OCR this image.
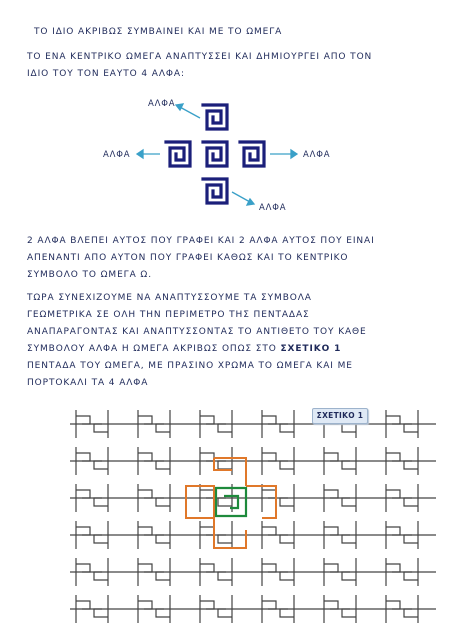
ΤΟ ΙΔΙΟ ΑΚΡΙΒΩΣ ΣΥΜΒΑΙΝΕΙ ΚΑΙ ΜΕ ΤΟ ΩΜΕΓΑ
ΤΟ ΕΝΑ ΚΕΝΤΡΙΚΟ ΩΜΕΓΑ ΑΝΑΠΤΥΣΣΕΙ ΚΑΙ ΔΗΜΙΟΥΡΓΕΙ ΑΠΟ ΤΟΝ
ΙΔΙΟ ΤΟΥ ΤΟΝ ΕΑΥΤΟ 4 ΑΛΦΑ:
ΑΛΦΑ
ΑΛΦΑ	ΑΛΦΑ
ΑΛΦΑ
2 ΑΛΦΑ ΒΛΕΠΕΙ ΑΥΤΟΣ ΠΟΥ ΓΡΑΦΕΙ ΚΑΙ 2 ΑΛΦΑ ΑΥΤΟΣ ΠΟΥ ΕΙΝΑΙ
ΑΠΕΝΑΝΤΙ ΑΠΟ ΑΥΤΟΝ ΠΟΥ ΓΡΑΦΕΙ ΚΑΘΩΣ ΚΑΙ ΤΟ ΚΕΝΤΡΙΚΟ
ΣΥΜΒΟΛΟ ΤΟ ΩΜΕΓΑ Ω.
ΤΩΡΑ ΣΥΝΕΧΙΖΟΥΜΕ ΝΑ ΑΝΑΠΤΥΣΣΟΥΜΕ ΤΑ ΣΥΜΒΟΛΑ
ΓΕΩΜΕΤΡΙΚΑ ΣΕ ΟΛΗ ΤΗΝ ΠΕΡΙΜΕΤΡΟ ΤΗΣ ΠΕΝΤΑΔΑΣ
ΑΝΑΠΑΡΑΓΟΝΤΑΣ ΚΑΙ ΑΝΑΠΤΥΣΣΟΝΤΑΣ ΤΟ ΑΝΤΙΘΕΤΟ ΤΟΥ ΚΑΘΕ
ΣΥΜΒΟΛΟΥ ΑΛΦΑ Η ΩΜΕΓΑ ΑΚΡΙΒΩΣ ΟΠΩΣ ΣΤΟ ΣΧΕΤΙΚΟ 1
ΠΕΝΤΑΔΑ ΤΟΥ ΩΜΕΓΑ, ΜΕ ΠΡΑΣΙΝΟ ΧΡΩΜΑ ΤΟ ΩΜΕΓΑ ΚΑΙ ΜΕ
ΠΟΡΤΟΚΑΛΙ ΤΑ 4 ΑΛΦΑ
ΣΧΕΤΙΚΟ 1
